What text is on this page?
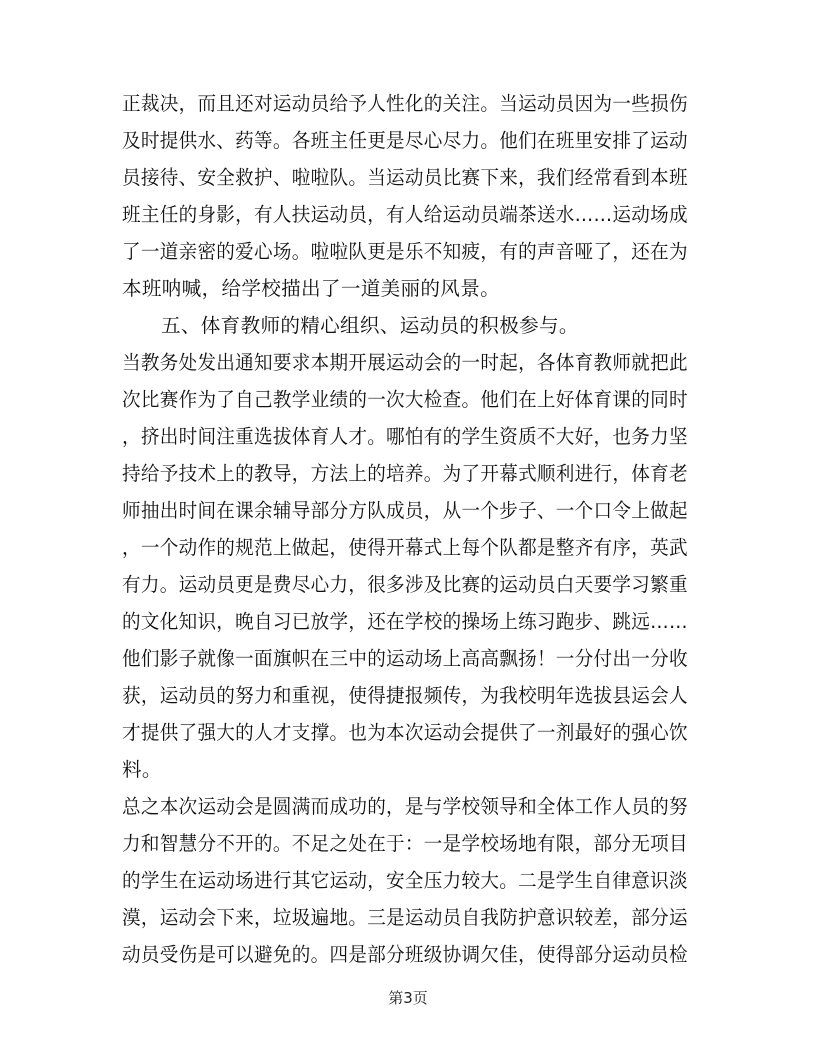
正裁决，而且还对运动员给予人性化的关注。当运动员因为一些损伤
及时提供水、药等。各班主任更是尽心尽力。他们在班里安排了运动
员接待、安全救护、啦啦队。当运动员比赛下来，我们经常看到本班
班主任的身影，有人扶运动员，有人给运动员端茶送水……运动场成
了一道亲密的爱心场。啦啦队更是乐不知疲，有的声音哑了，还在为
本班呐喊，给学校描出了一道美丽的风景。
五、体育教师的精心组织、运动员的积极参与。
当教务处发出通知要求本期开展运动会的一时起，各体育教师就把此
次比赛作为了自己教学业绩的一次大检查。他们在上好体育课的同时
，挤出时间注重选拔体育人才。哪怕有的学生资质不大好，也务力坚
持给予技术上的教导，方法上的培养。为了开幕式顺利进行，体育老
师抽出时间在课余辅导部分方队成员，从一个步子、一个口令上做起
，一个动作的规范上做起，使得开幕式上每个队都是整齐有序，英武
有力。运动员更是费尽心力，很多涉及比赛的运动员白天要学习繁重
的文化知识，晚自习已放学，还在学校的操场上练习跑步、跳远……
他们影子就像一面旗帜在三中的运动场上高高飘扬！一分付出一分收
获，运动员的努力和重视，使得捷报频传，为我校明年选拔县运会人
才提供了强大的人才支撑。也为本次运动会提供了一剂最好的强心饮
料。
总之本次运动会是圆满而成功的，是与学校领导和全体工作人员的努
力和智慧分不开的。不足之处在于：一是学校场地有限，部分无项目
的学生在运动场进行其它运动，安全压力较大。二是学生自律意识淡
漠，运动会下来，垃圾遍地。三是运动员自我防护意识较差，部分运
动员受伤是可以避免的。四是部分班级协调欠佳，使得部分运动员检
第3页
